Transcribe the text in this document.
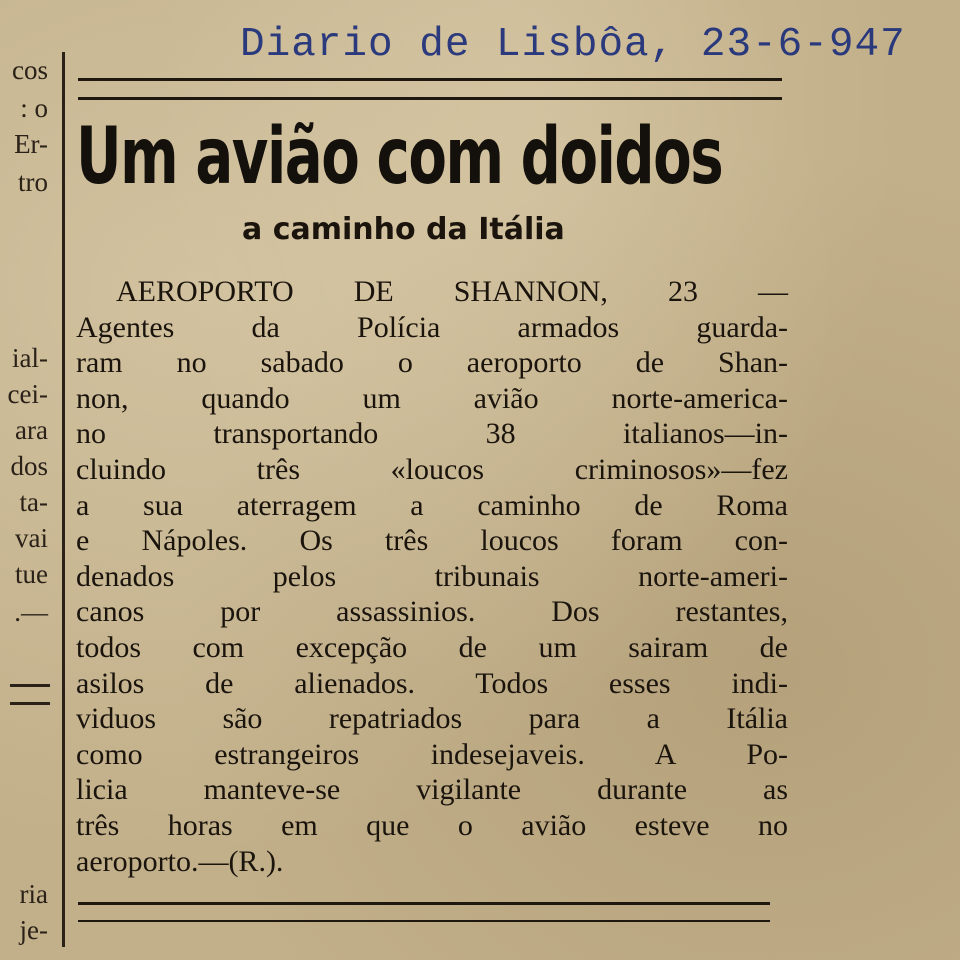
Diario de Lisbôa, 23-6-947
cos
: o
Er-
tro
ial-
cei-
ara
dos
ta-
vai
tue
.—
ria
je-
Um avião com doidos
a caminho da Itália
AEROPORTO DE SHANNON, 23 —
Agentes da Polícia armados guarda-
ram no sabado o aeroporto de Shan-
non, quando um avião norte-america-
no transportando 38 italianos—in-
cluindo três «loucos criminosos»—fez
a sua aterragem a caminho de Roma
e Nápoles. Os três loucos foram con-
denados pelos tribunais norte-ameri-
canos por assassinios. Dos restantes,
todos com excepção de um sairam de
asilos de alienados. Todos esses indi-
viduos são repatriados para a Itália
como estrangeiros indesejaveis. A Po-
licia manteve-se vigilante durante as
três horas em que o avião esteve no
aeroporto.—(R.).
